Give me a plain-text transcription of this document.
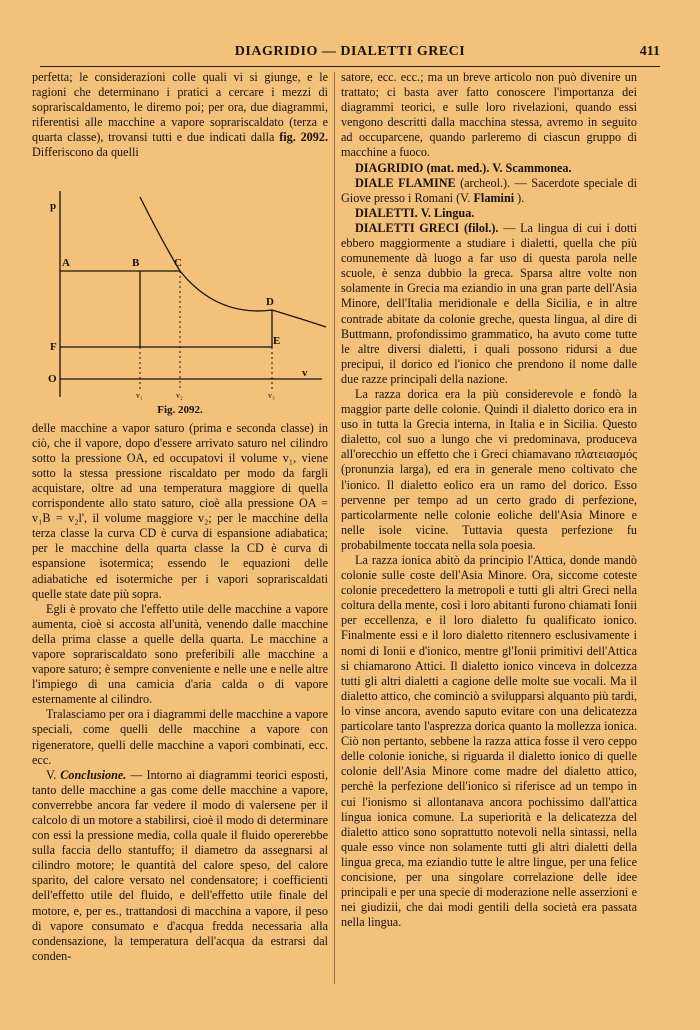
DIAGRIDIO — DIALETTI GRECI	411

perfetta; le considerazioni colle quali vi si giunge, e le ragioni che determinano i pratici a cercare i mezzi di soprariscaldamento, le diremo poi; per ora, due diagrammi, riferentisi alle macchine a vapore soprariscaldato (terza e quarta classe), trovansi tutti e due indicati dalla fig. 2092. Differiscono da quelli

p
A	B	C
D
E
F
O	v
v₁	v₂	v₃
Fig. 2092.

delle macchine a vapor saturo (prima e seconda classe) in ciò, che il vapore, dopo d'essere arrivato saturo nel cilindro sotto la pressione OA, ed occupatovi il volume v₁, viene sotto la stessa pressione riscaldato per modo da fargli acquistare, oltre ad una temperatura maggiore di quella corrispondente allo stato saturo, cioè alla pressione OA = v₁B = v₂l', il volume maggiore v₂; per le macchine della terza classe la curva CD è curva di espansione adiabatica; per le macchine della quarta classe la CD è curva di espansione isotermica; essendo le equazioni delle adiabatiche ed isotermiche per i vapori soprariscaldati quelle state date più sopra.

Egli è provato che l'effetto utile delle macchine a vapore aumenta, cioè si accosta all'unità, venendo dalle macchine della prima classe a quelle della quarta. Le macchine a vapore soprariscaldato sono preferibili alle macchine a vapore saturo; è sempre conveniente e nelle une e nelle altre l'impiego di una camicia d'aria calda o di vapore esternamente al cilindro.

Tralasciamo per ora i diagrammi delle macchine a vapore speciali, come quelli delle macchine a vapore con rigeneratore, quelli delle macchine a vapori combinati, ecc. ecc.

V. Conclusione. — Intorno ai diagrammi teorici esposti, tanto delle macchine a gas come delle macchine a vapore, converrebbe ancora far vedere il modo di valersene per il calcolo di un motore a stabilirsi, cioè il modo di determinare con essi la pressione media, colla quale il fluido opererebbe sulla faccia dello stantuffo; il diametro da assegnarsi al cilindro motore; le quantità del calore speso, del calore sparito, del calore versato nel condensatore; i coefficienti dell'effetto utile del fluido, e dell'effetto utile finale del motore, e, per es., trattandosi di macchina a vapore, il peso di vapore consumato e d'acqua fredda necessaria alla condensazione, la temperatura dell'acqua da estrarsi dal conden-

satore, ecc. ecc.; ma un breve articolo non può divenire un trattato; ci basta aver fatto conoscere l'importanza dei diagrammi teorici, e sulle loro rivelazioni, quando essi vengono descritti dalla macchina stessa, avremo in seguito ad occuparcene, quando parleremo di ciascun gruppo di macchine a fuoco.

DIAGRIDIO (mat. med.). V. Scammonea.

DIALE FLAMINE (archeol.). — Sacerdote speciale di Giove presso i Romani (V. Flamini ).

DIALETTI. V. Lingua.

DIALETTI GRECI (filol.). — La lingua di cui i dotti ebbero maggiormente a studiare i dialetti, quella che più comunemente dà luogo a far uso di questa parola nelle scuole, è senza dubbio la greca. Sparsa altre volte non solamente in Grecia ma eziandio in una gran parte dell'Asia Minore, dell'Italia meridionale e della Sicilia, e in altre contrade abitate da colonie greche, questa lingua, al dire di Buttmann, profondissimo grammatico, ha avuto come tutte le altre diversi dialetti, i quali possono ridursi a due precipui, il dorico ed l'ionico che prendono il nome dalle due razze principali della nazione.

La razza dorica era la più considerevole e fondò la maggior parte delle colonie. Quindi il dialetto dorico era in uso in tutta la Grecia interna, in Italia e in Sicilia. Questo dialetto, col suo a lungo che vi predominava, produceva all'orecchio un effetto che i Greci chiamavano πλατειασμός (pronunzia larga), ed era in generale meno coltivato che l'ionico. Il dialetto eolico era un ramo del dorico. Esso pervenne per tempo ad un certo grado di perfezione, particolarmente nelle colonie eoliche dell'Asia Minore e nelle isole vicine. Tuttavia questa perfezione fu probabilmente toccata nella sola poesia.

La razza ionica abitò da principio l'Attica, donde mandò colonie sulle coste dell'Asia Minore. Ora, siccome coteste colonie precedettero la metropoli e tutti gli altri Greci nella coltura della mente, così i loro abitanti furono chiamati Ionii per eccellenza, e il loro dialetto fu qualificato ionico. Finalmente essi e il loro dialetto ritennero esclusivamente i nomi di Ionii e d'ionico, mentre gl'Ionii primitivi dell'Attica si chiamarono Attici. Il dialetto ionico vinceva in dolcezza tutti gli altri dialetti a cagione delle molte sue vocali. Ma il dialetto attico, che cominciò a svilupparsi alquanto più tardi, lo vinse ancora, avendo saputo evitare con una delicatezza particolare tanto l'asprezza dorica quanto la mollezza ionica. Ciò non pertanto, sebbene la razza attica fosse il vero ceppo delle colonie ioniche, si riguarda il dialetto ionico di quelle colonie dell'Asia Minore come madre del dialetto attico, perchè la perfezione dell'ionico si riferisce ad un tempo in cui l'ionismo si allontanava ancora pochissimo dall'attica lingua ionica comune. La superiorità e la delicatezza del dialetto attico sono soprattutto notevoli nella sintassi, nella quale esso vince non solamente tutti gli altri dialetti della lingua greca, ma eziandio tutte le altre lingue, per una felice concisione, per una singolare correlazione delle idee principali e per una specie di moderazione nelle asserzioni e nei giudizii, che dai modi gentili della società era passata nella lingua.
